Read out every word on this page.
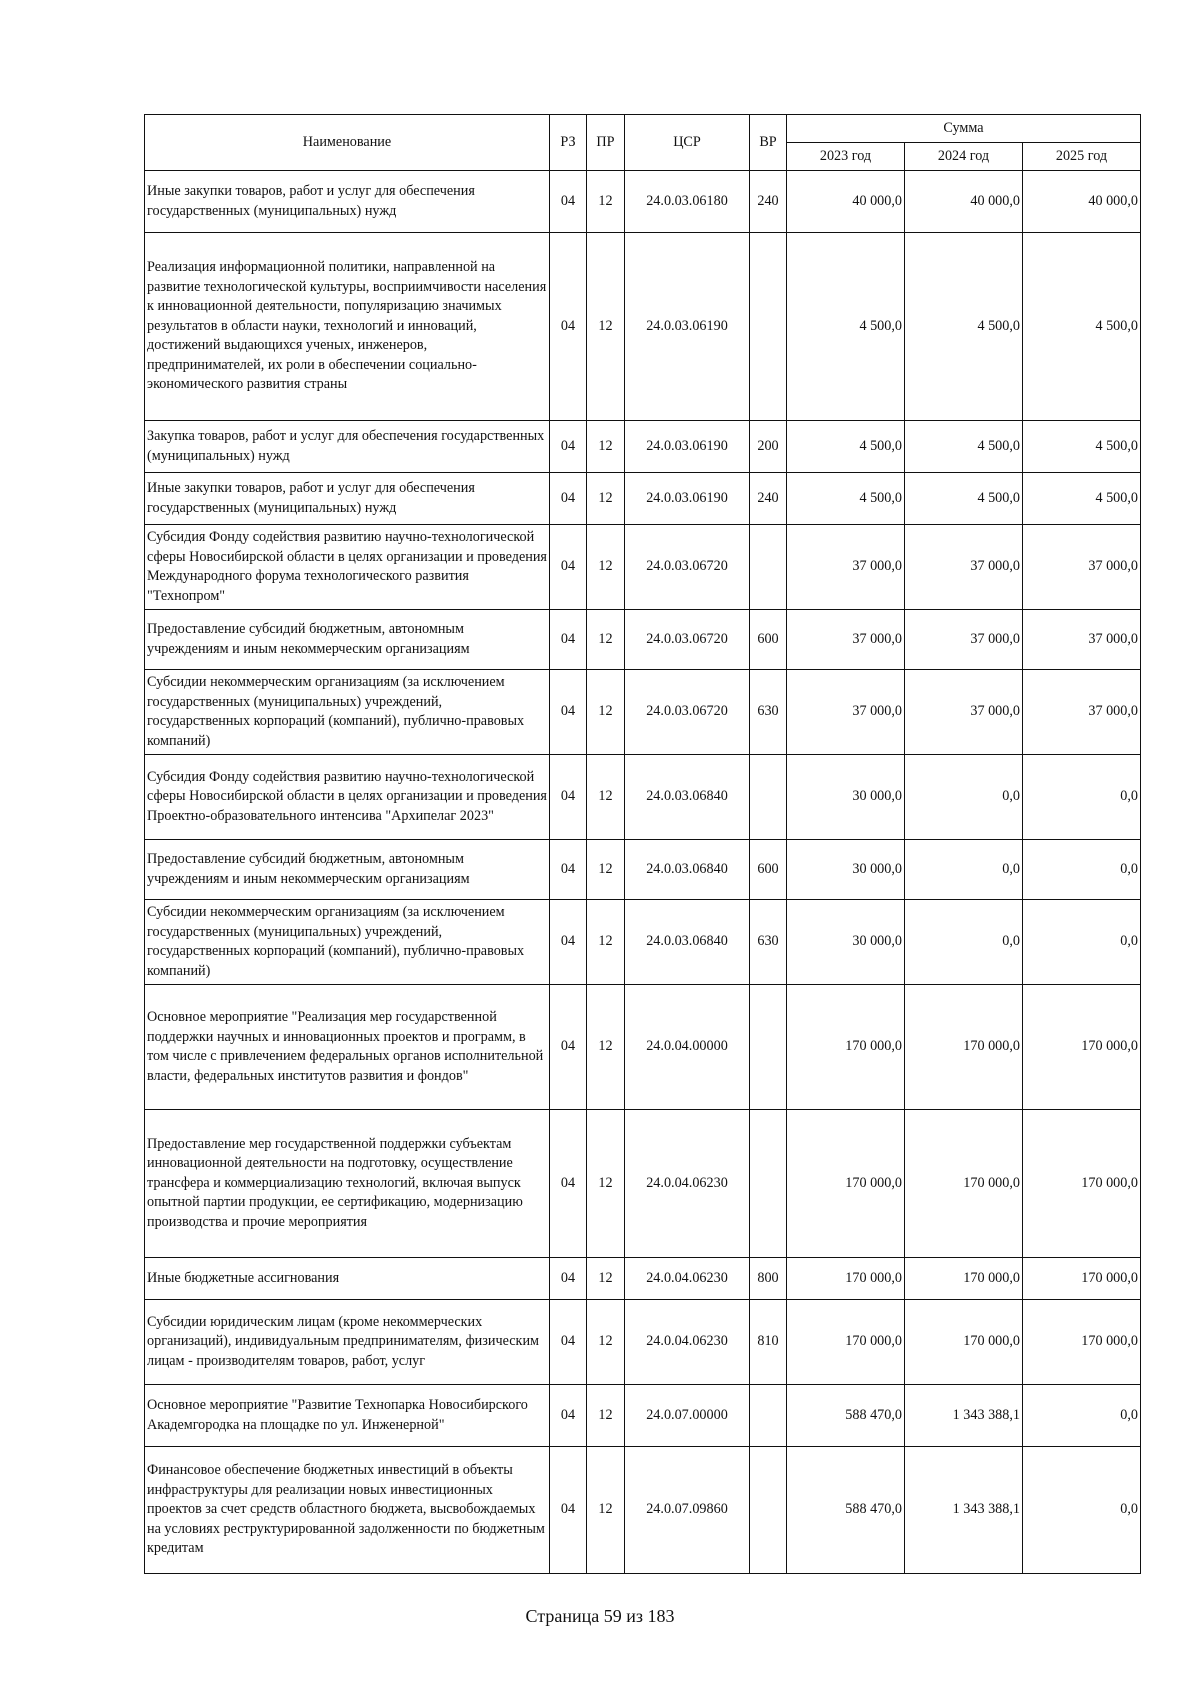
Наименование	РЗ	ПР	ЦСР	ВР	Сумма		
					2023 год	2024 год	2025 год
Иные закупки товаров, работ и услуг для обеспечения государственных (муниципальных) нужд	04	12	24.0.03.06180	240	40 000,0	40 000,0	40 000,0
Реализация информационной политики, направленной на развитие технологической культуры, восприимчивости населения к инновационной деятельности, популяризацию значимых результатов в области науки, технологий и инноваций, достижений выдающихся ученых, инженеров, предпринимателей, их роли в обеспечении социально-экономического развития страны	04	12	24.0.03.06190		4 500,0	4 500,0	4 500,0
Закупка товаров, работ и услуг для обеспечения государственных (муниципальных) нужд	04	12	24.0.03.06190	200	4 500,0	4 500,0	4 500,0
Иные закупки товаров, работ и услуг для обеспечения государственных (муниципальных) нужд	04	12	24.0.03.06190	240	4 500,0	4 500,0	4 500,0
Субсидия Фонду содействия развитию научно-технологической сферы Новосибирской области в целях организации и проведения Международного форума технологического развития "Технопром"	04	12	24.0.03.06720		37 000,0	37 000,0	37 000,0
Предоставление субсидий бюджетным, автономным учреждениям и иным некоммерческим организациям	04	12	24.0.03.06720	600	37 000,0	37 000,0	37 000,0
Субсидии некоммерческим организациям (за исключением государственных (муниципальных) учреждений, государственных корпораций (компаний), публично-правовых компаний)	04	12	24.0.03.06720	630	37 000,0	37 000,0	37 000,0
Субсидия Фонду содействия развитию научно-технологической сферы Новосибирской области в целях организации и проведения Проектно-образовательного интенсива "Архипелаг 2023"	04	12	24.0.03.06840		30 000,0	0,0	0,0
Предоставление субсидий бюджетным, автономным учреждениям и иным некоммерческим организациям	04	12	24.0.03.06840	600	30 000,0	0,0	0,0
Субсидии некоммерческим организациям (за исключением государственных (муниципальных) учреждений, государственных корпораций (компаний), публично-правовых компаний)	04	12	24.0.03.06840	630	30 000,0	0,0	0,0
Основное мероприятие "Реализация мер государственной поддержки научных и инновационных проектов и программ, в том числе с привлечением федеральных органов исполнительной власти, федеральных институтов развития и фондов"	04	12	24.0.04.00000		170 000,0	170 000,0	170 000,0
Предоставление мер государственной поддержки субъектам инновационной деятельности на подготовку, осуществление трансфера и коммерциализацию технологий, включая выпуск опытной партии продукции, ее сертификацию, модернизацию производства и прочие мероприятия	04	12	24.0.04.06230		170 000,0	170 000,0	170 000,0
Иные бюджетные ассигнования	04	12	24.0.04.06230	800	170 000,0	170 000,0	170 000,0
Субсидии юридическим лицам (кроме некоммерческих организаций), индивидуальным предпринимателям, физическим лицам - производителям товаров, работ, услуг	04	12	24.0.04.06230	810	170 000,0	170 000,0	170 000,0
Основное мероприятие "Развитие Технопарка Новосибирского Академгородка на площадке по ул. Инженерной"	04	12	24.0.07.00000		588 470,0	1 343 388,1	0,0
Финансовое обеспечение бюджетных инвестиций в объекты инфраструктуры для реализации новых инвестиционных проектов за счет средств областного бюджета, высвобождаемых на условиях реструктурированной задолженности по бюджетным кредитам	04	12	24.0.07.09860		588 470,0	1 343 388,1	0,0
Страница 59 из 183
